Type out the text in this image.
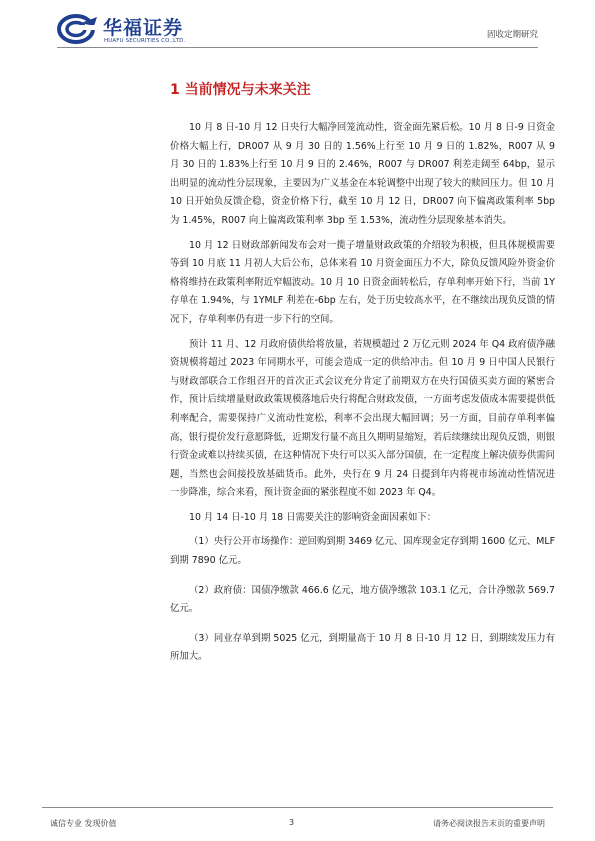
华福证券
HUAFU SECURITIES CO.,LTD.
固收定期研究
1 当前情况与未来关注

10 月 8 日-10 月 12 日央行大幅净回笼流动性，资金面先紧后松。10 月 8 日-9 日资金价格大幅上行，DR007 从 9 月 30 日的 1.56%上行至 10 月 9 日的 1.82%，R007 从 9 月 30 日的 1.83%上行至 10 月 9 日的 2.46%，R007 与 DR007 利差走阔至 64bp，显示出明显的流动性分层现象，主要因为广义基金在本轮调整中出现了较大的赎回压力。但 10 月 10 日开始负反馈企稳，资金价格下行，截至 10 月 12 日，DR007 向下偏离政策利率 5bp 为 1.45%，R007 向上偏离政策利率 3bp 至 1.53%，流动性分层现象基本消失。

10 月 12 日财政部新闻发布会对一揽子增量财政政策的介绍较为积极，但具体规模需要等到 10 月底 11 月初人大后公布，总体来看 10 月资金面压力不大，除负反馈风险外资金价格将维持在政策利率附近窄幅波动。10 月 10 日资金面转松后，存单利率开始下行，当前 1Y 存单在 1.94%，与 1YMLF 利差在-6bp 左右，处于历史较高水平，在不继续出现负反馈的情况下，存单利率仍有进一步下行的空间。

预计 11 月、12 月政府债供给将放量，若规模超过 2 万亿元则 2024 年 Q4 政府债净融资规模将超过 2023 年同期水平，可能会造成一定的供给冲击。但 10 月 9 日中国人民银行与财政部联合工作组召开的首次正式会议充分肯定了前期双方在央行国债买卖方面的紧密合作，预计后续增量财政政策规模落地后央行将配合财政发债，一方面考虑发债成本需要提供低利率配合，需要保持广义流动性宽松，利率不会出现大幅回调；另一方面，目前存单利率偏高，银行提价发行意愿降低，近期发行量不高且久期明显缩短，若后续继续出现负反馈，则银行资金或难以持续买债，在这种情况下央行可以买入部分国债，在一定程度上解决债券供需问题，当然也会间接投放基础货币。此外，央行在 9 月 24 日提到年内将视市场流动性情况进一步降准，综合来看，预计资金面的紧张程度不如 2023 年 Q4。

10 月 14 日-10 月 18 日需要关注的影响资金面因素如下：

（1）央行公开市场操作：逆回购到期 3469 亿元、国库现金定存到期 1600 亿元、MLF 到期 7890 亿元。

（2）政府债：国债净缴款 466.6 亿元，地方债净缴款 103.1 亿元，合计净缴款 569.7 亿元。

（3）同业存单到期 5025 亿元，到期量高于 10 月 8 日-10 月 12 日，到期续发压力有所加大。

诚信专业 发现价值	3	请务必阅读报告末页的重要声明
